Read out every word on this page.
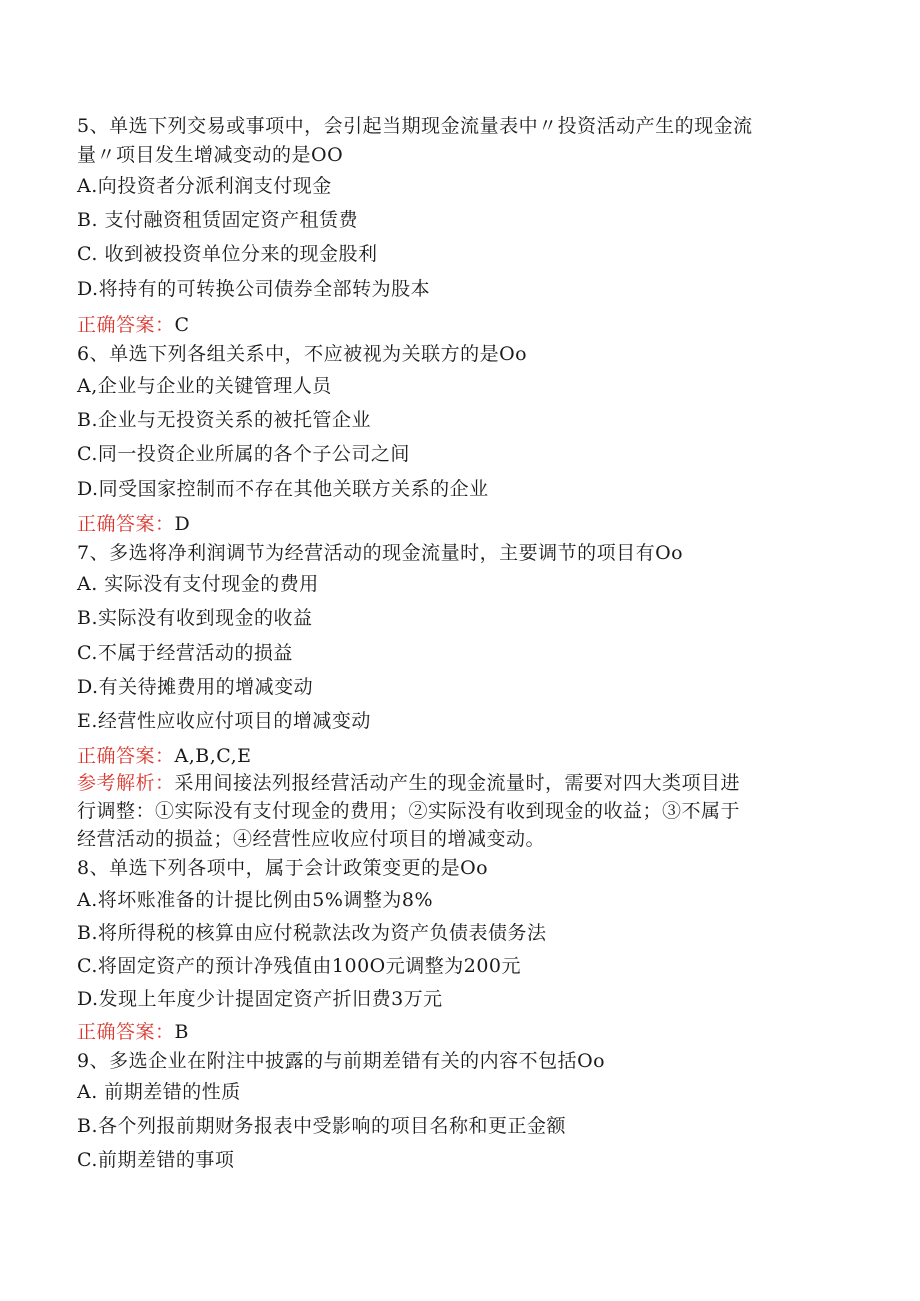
5、单选下列交易或事项中，会引起当期现金流量表中〃投资活动产生的现金流
量〃项目发生增减变动的是OO
A.向投资者分派利润支付现金
B. 支付融资租赁固定资产租赁费
C. 收到被投资单位分来的现金股利
D.将持有的可转换公司债券全部转为股本
正确答案：C
6、单选下列各组关系中，不应被视为关联方的是Oo
A,企业与企业的关键管理人员
B.企业与无投资关系的被托管企业
C.同一投资企业所属的各个子公司之间
D.同受国家控制而不存在其他关联方关系的企业
正确答案：D
7、多选将净利润调节为经营活动的现金流量时，主要调节的项目有Oo
A. 实际没有支付现金的费用
B.实际没有收到现金的收益
C.不属于经营活动的损益
D.有关待摊费用的增减变动
E.经营性应收应付项目的增减变动
正确答案：A,B,C,E
参考解析：采用间接法列报经营活动产生的现金流量时，需要对四大类项目进
行调整：①实际没有支付现金的费用；②实际没有收到现金的收益；③不属于
经营活动的损益；④经营性应收应付项目的增减变动。
8、单选下列各项中，属于会计政策变更的是Oo
A.将坏账准备的计提比例由5%调整为8%
B.将所得税的核算由应付税款法改为资产负债表债务法
C.将固定资产的预计净残值由100O元调整为200元
D.发现上年度少计提固定资产折旧费3万元
正确答案：B
9、多选企业在附注中披露的与前期差错有关的内容不包括Oo
A. 前期差错的性质
B.各个列报前期财务报表中受影响的项目名称和更正金额
C.前期差错的事项
